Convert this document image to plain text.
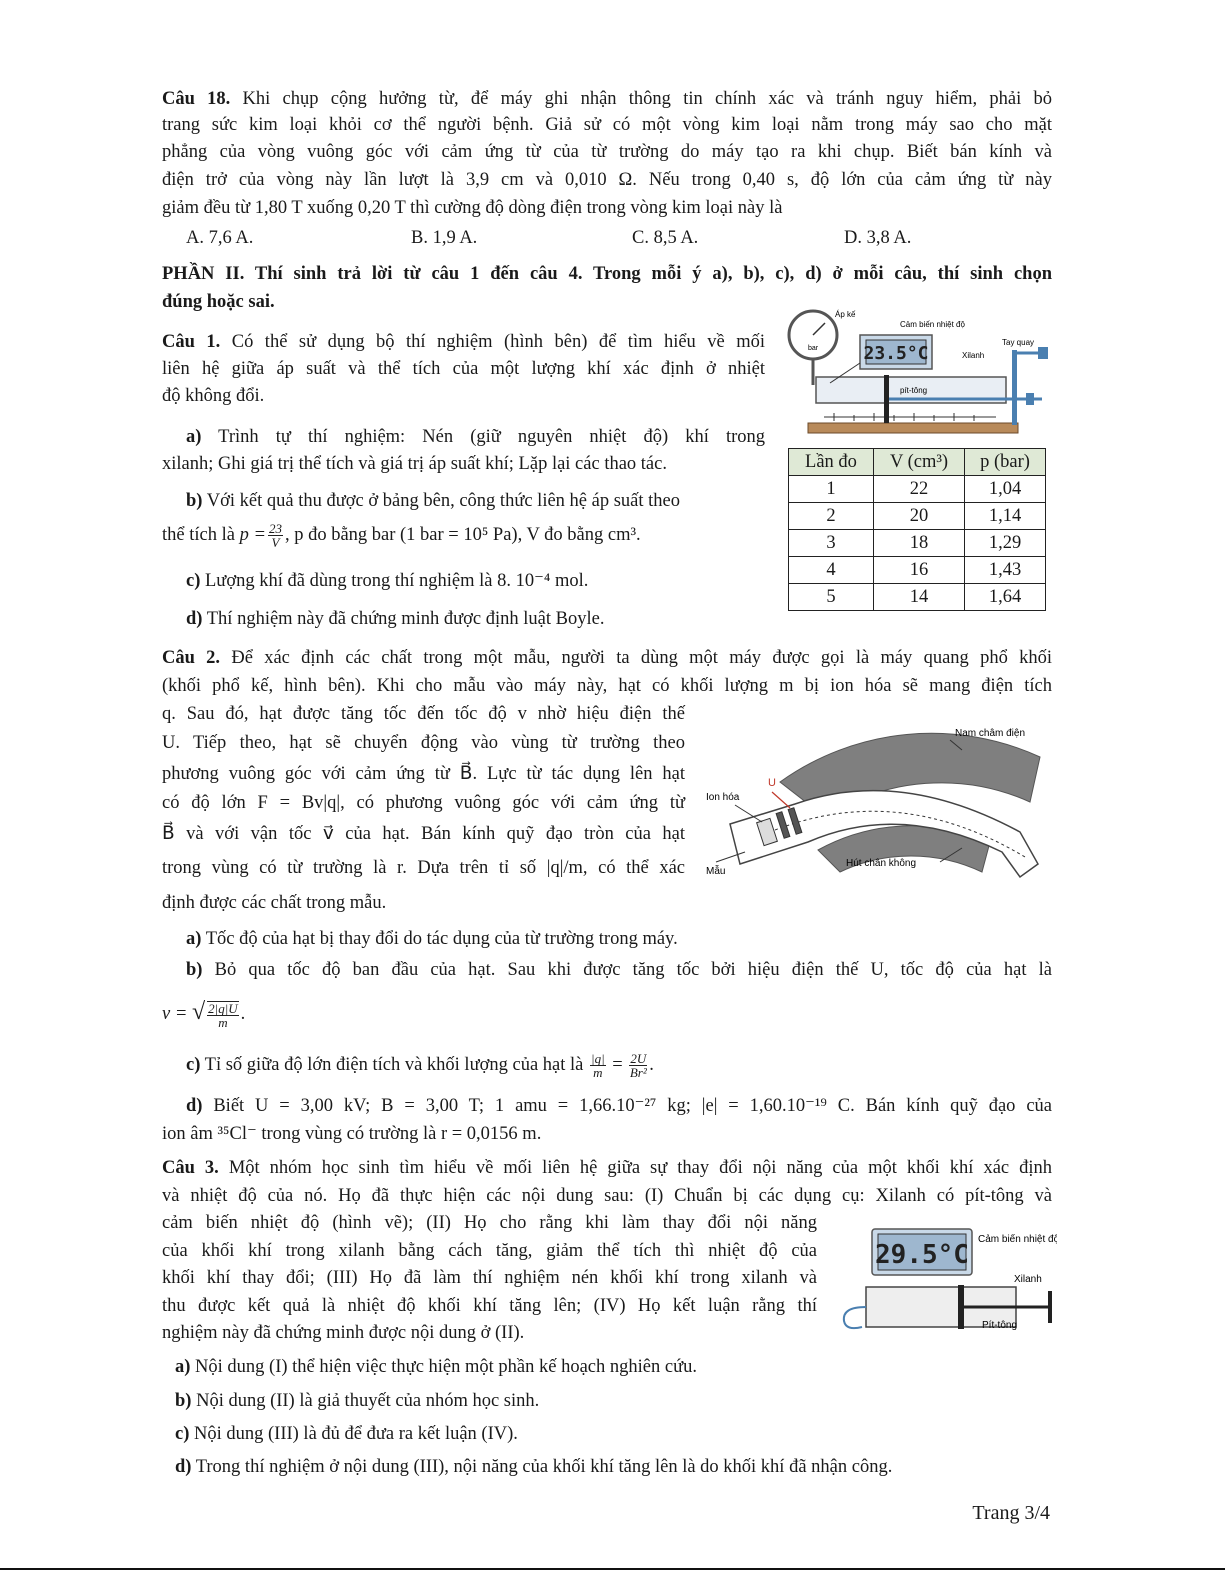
Câu 18. Khi chụp cộng hưởng từ, để máy ghi nhận thông tin chính xác và tránh nguy hiểm, phải bỏ
trang sức kim loại khỏi cơ thể người bệnh. Giả sử có một vòng kim loại nằm trong máy sao cho mặt
phẳng của vòng vuông góc với cảm ứng từ của từ trường do máy tạo ra khi chụp. Biết bán kính và
điện trở của vòng này lần lượt là 3,9 cm và 0,010 Ω. Nếu trong 0,40 s, độ lớn của cảm ứng từ này
giảm đều từ 1,80 T xuống 0,20 T thì cường độ dòng điện trong vòng kim loại này là
A. 7,6 A.	B. 1,9 A.	C. 8,5 A.	D. 3,8 A.
PHẦN II. Thí sinh trả lời từ câu 1 đến câu 4. Trong mỗi ý a), b), c), d) ở mỗi câu, thí sinh chọn
đúng hoặc sai.
Câu 1. Có thể sử dụng bộ thí nghiệm (hình bên) để tìm hiểu về mối
liên hệ giữa áp suất và thể tích của một lượng khí xác định ở nhiệt
độ không đổi.
a) Trình tự thí nghiệm: Nén (giữ nguyên nhiệt độ) khí trong
xilanh; Ghi giá trị thể tích và giá trị áp suất khí; Lặp lại các thao tác.
b) Với kết quả thu được ở bảng bên, công thức liên hệ áp suất theo
thể tích là $p = \frac{23}{V}$ , p đo bằng bar (1 bar = 10⁵ Pa), V đo bằng cm³.
c) Lượng khí đã dùng trong thí nghiệm là 8. 10⁻⁴ mol.
d) Thí nghiệm này đã chứng minh được định luật Boyle.
bar	23.5°C
Áp kế
Cảm biến nhiệt độ
Xilanh
Tay quay
pít-tông
Lần đo	V (cm³)	p (bar)
1	22	1,04
2	20	1,14
3	18	1,29
4	16	1,43
5	14	1,64
Câu 2. Để xác định các chất trong một mẫu, người ta dùng một máy được gọi là máy quang phổ khối
(khối phổ kế, hình bên). Khi cho mẫu vào máy này, hạt có khối lượng m bị ion hóa sẽ mang điện tích
q. Sau đó, hạt được tăng tốc đến tốc độ v nhờ hiệu điện thế
U. Tiếp theo, hạt sẽ chuyển động vào vùng từ trường theo
phương vuông góc với cảm ứng từ B⃗. Lực từ tác dụng lên hạt
có độ lớn F = Bv|q|, có phương vuông góc với cảm ứng từ
B⃗ và với vận tốc v⃗ của hạt. Bán kính quỹ đạo tròn của hạt
trong vùng có từ trường là r. Dựa trên tỉ số |q|/m, có thể xác
định được các chất trong mẫu.
U
Nam châm điện
Ion hóa
Mẫu
Hút chân không
a) Tốc độ của hạt bị thay đổi do tác dụng của từ trường trong máy.
b) Bỏ qua tốc độ ban đầu của hạt. Sau khi được tăng tốc bởi hiệu điện thế U, tốc độ của hạt là
v = √ $\frac{2|q|U}{m}$ .
c) Tỉ số giữa độ lớn điện tích và khối lượng của hạt là $\frac{|q|}{m} = \frac{2U}{\text{Br²}}$ .
d) Biết U = 3,00 kV; B = 3,00 T; 1 amu = 1,66.10⁻²⁷ kg; |e| = 1,60.10⁻¹⁹ C. Bán kính quỹ đạo của
ion âm ³⁵Cl⁻ trong vùng có trường là r = 0,0156 m.
Câu 3. Một nhóm học sinh tìm hiểu về mối liên hệ giữa sự thay đổi nội năng của một khối khí xác định
và nhiệt độ của nó. Họ đã thực hiện các nội dung sau: (I) Chuẩn bị các dụng cụ: Xilanh có pít-tông và
cảm biến nhiệt độ (hình vẽ); (II) Họ cho rằng khi làm thay đổi nội năng
của khối khí trong xilanh bằng cách tăng, giảm thể tích thì nhiệt độ của
khối khí thay đổi; (III) Họ đã làm thí nghiệm nén khối khí trong xilanh và
thu được kết quả là nhiệt độ khối khí tăng lên; (IV) Họ kết luận rằng thí
nghiệm này đã chứng minh được nội dung ở (II).
29.5°C
Cảm biến nhiệt độ
Xilanh
Pít-tông
a) Nội dung (I) thể hiện việc thực hiện một phần kế hoạch nghiên cứu.
b) Nội dung (II) là giả thuyết của nhóm học sinh.
c) Nội dung (III) là đủ để đưa ra kết luận (IV).
d) Trong thí nghiệm ở nội dung (III), nội năng của khối khí tăng lên là do khối khí đã nhận công.
Trang 3/4
